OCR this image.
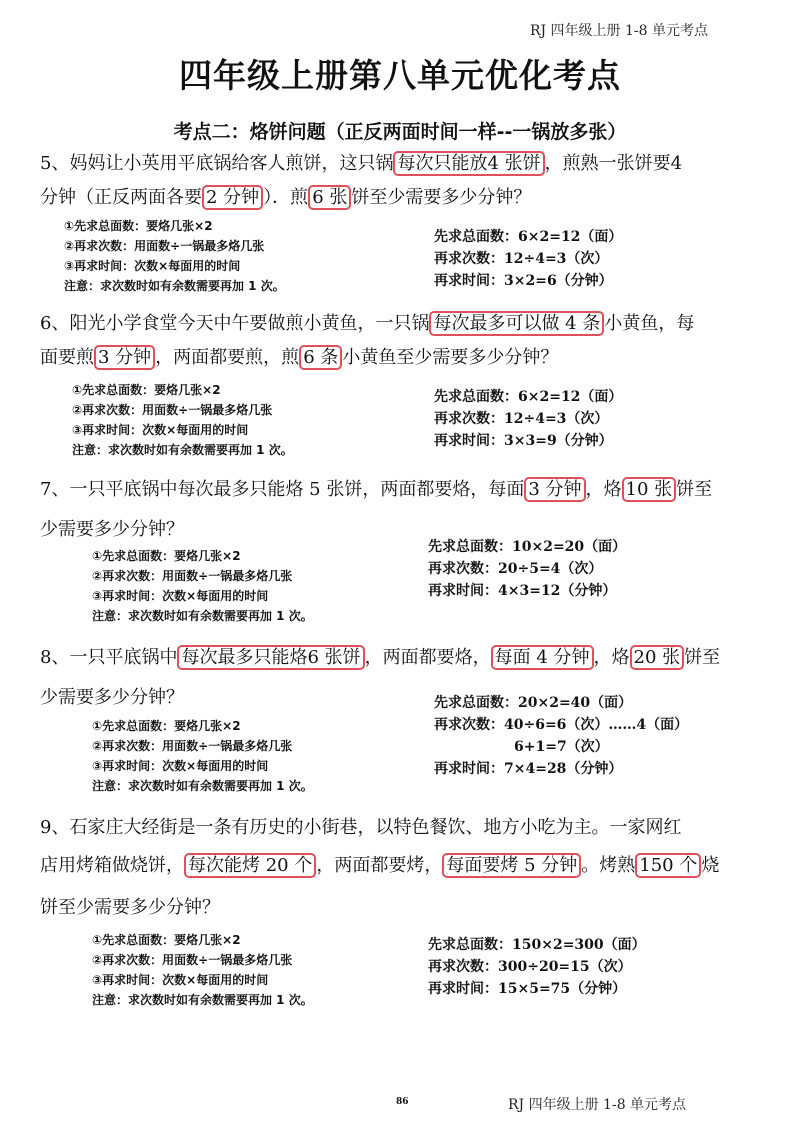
RJ 四年级上册 1-8 单元考点
四年级上册第八单元优化考点
考点二：烙饼问题（正反两面时间一样--一锅放多张）
5、妈妈让小英用平底锅给客人煎饼，这只锅 每次只能放4 张饼 ，煎熟一张饼要4
分钟（正反两面各要 2 分钟 ）．煎 6 张 饼至少需要多少分钟？
①先求总面数：要烙几张×2
②再求次数：用面数÷一锅最多烙几张
③再求时间：次数×每面用的时间
注意：求次数时如有余数需要再加 1 次。
先求总面数：6×2=12（面）
再求次数：12÷4=3（次）
再求时间：3×2=6（分钟）
6、阳光小学食堂今天中午要做煎小黄鱼，一只锅 每次最多可以做 4 条 小黄鱼，每
面要煎 3 分钟 ，两面都要煎，煎 6 条 小黄鱼至少需要多少分钟？
①先求总面数：要烙几张×2
②再求次数：用面数÷一锅最多烙几张
③再求时间：次数×每面用的时间
注意：求次数时如有余数需要再加 1 次。
先求总面数：6×2=12（面）
再求次数：12÷4=3（次）
再求时间：3×3=9（分钟）
7、一只平底锅中每次最多只能烙 5 张饼，两面都要烙，每面 3 分钟 ，烙 10 张 饼至
少需要多少分钟？
①先求总面数：要烙几张×2
②再求次数：用面数÷一锅最多烙几张
③再求时间：次数×每面用的时间
注意：求次数时如有余数需要再加 1 次。
先求总面数：10×2=20（面）
再求次数：20÷5=4（次）
再求时间：4×3=12（分钟）
8、一只平底锅中 每次最多只能烙6 张饼 ，两面都要烙， 每面 4 分钟 ，烙 20 张 饼至
少需要多少分钟？
①先求总面数：要烙几张×2
②再求次数：用面数÷一锅最多烙几张
③再求时间：次数×每面用的时间
注意：求次数时如有余数需要再加 1 次。
先求总面数：20×2=40（面）
再求次数：40÷6=6（次）……4（面）
6+1=7（次）
再求时间：7×4=28（分钟）
9、石家庄大经街是一条有历史的小街巷，以特色餐饮、地方小吃为主。一家网红
店用烤箱做烧饼， 每次能烤 20 个 ，两面都要烤， 每面要烤 5 分钟 。烤熟 150 个 烧
饼至少需要多少分钟？
①先求总面数：要烙几张×2
②再求次数：用面数÷一锅最多烙几张
③再求时间：次数×每面用的时间
注意：求次数时如有余数需要再加 1 次。
先求总面数：150×2=300（面）
再求次数：300÷20=15（次）
再求时间：15×5=75（分钟）
86	RJ 四年级上册 1-8 单元考点
